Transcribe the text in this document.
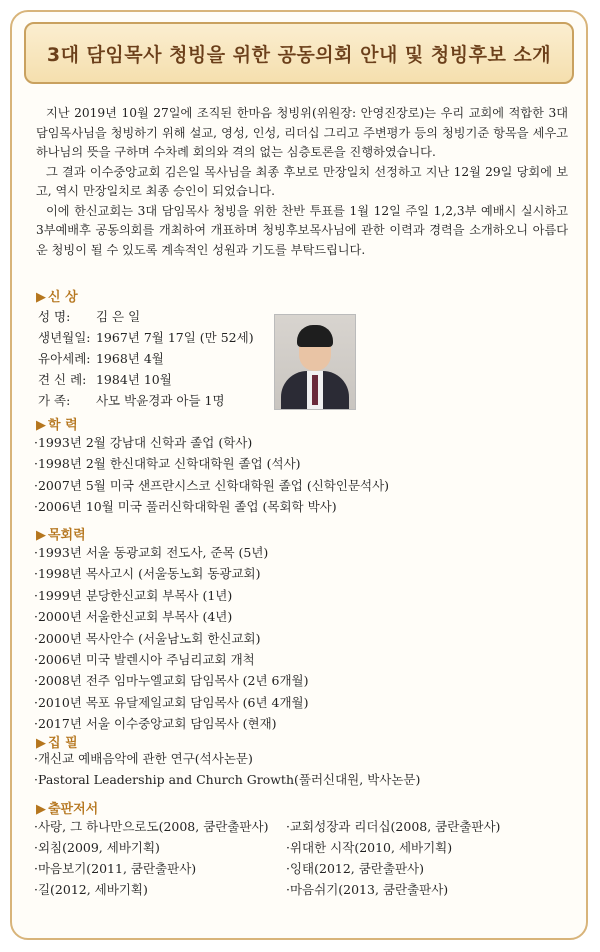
3대 담임목사 청빙을 위한 공동의회 안내 및 청빙후보 소개

지난 2019년 10월 27일에 조직된 한마음 청빙위(위원장: 안영진장로)는 우리 교회에 적합한 3대 담임목사님을 청빙하기 위해 설교, 영성, 인성, 리더십 그리고 주변평가 등의 청빙기준 항목을 세우고 하나님의 뜻을 구하며 수차례 회의와 격의 없는 심층토론을 진행하였습니다.

그 결과 이수중앙교회 김은일 목사님을 최종 후보로 만장일치 선정하고 지난 12월 29일 당회에 보고, 역시 만장일치로 최종 승인이 되었습니다.

이에 한신교회는 3대 담임목사 청빙을 위한 찬반 투표를 1월 12일 주일 1,2,3부 예배시 실시하고 3부예배후 공동의회를 개최하여 개표하며 청빙후보목사님에 관한 이력과 경력을 소개하오니 아름다운 청빙이 될 수 있도록 계속적인 성원과 기도를 부탁드립니다.

▶ 신 상
성 명: 김 은 일
생년월일: 1967년 7월 17일 (만 52세)
유아세례: 1968년 4월
견 신 례: 1984년 10월
가 족: 사모 박윤경과 아들 1명
▶ 학 력
·1993년 2월 강남대 신학과 졸업 (학사)
·1998년 2월 한신대학교 신학대학원 졸업 (석사)
·2007년 5월 미국 샌프란시스코 신학대학원 졸업 (신학인문석사)
·2006년 10월 미국 풀러신학대학원 졸업 (목회학 박사)
▶ 목회력
·1993년 서울 동광교회 전도사, 준목 (5년)
·1998년 목사고시 (서울동노회 동광교회)
·1999년 분당한신교회 부목사 (1년)
·2000년 서울한신교회 부목사 (4년)
·2000년 목사안수 (서울남노회 한신교회)
·2006년 미국 발렌시아 주님리교회 개척
·2008년 전주 임마누엘교회 담임목사 (2년 6개월)
·2010년 목포 유달제일교회 담임목사 (6년 4개월)
·2017년 서울 이수중앙교회 담임목사 (현재)
▶ 집 필
·개신교 예배음악에 관한 연구(석사논문)
·Pastoral Leadership and Church Growth(풀러신대원, 박사논문)
▶ 출판저서
·사랑, 그 하나만으로도(2008, 쿰란출판사)
·외침(2009, 세바기획)
·마음보기(2011, 쿰란출판사)
·길(2012, 세바기획)
·교회성장과 리더십(2008, 쿰란출판사)
·위대한 시작(2010, 세바기획)
·잉태(2012, 쿰란출판사)
·마음쉬기(2013, 쿰란출판사)
